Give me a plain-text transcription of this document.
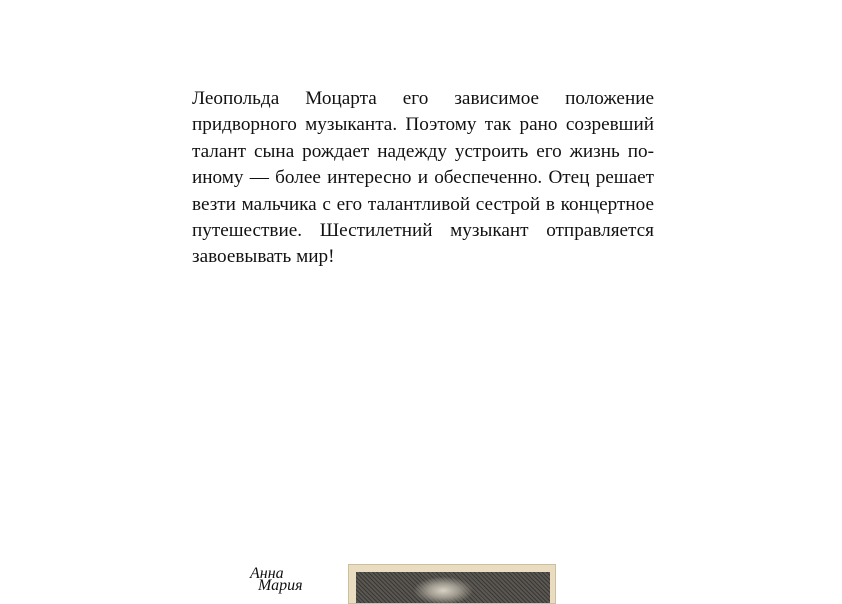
Леопольда Моцарта его зависимое положение придворного музыканта. Поэтому так рано созревший талант сына рождает надежду устроить его жизнь по-иному — более интересно и обеспеченно. Отец решает везти мальчика с его талантливой сестрой в концертное путешествие. Шестилетний музыкант отправляется завоевывать мир!

Анна
Мария
